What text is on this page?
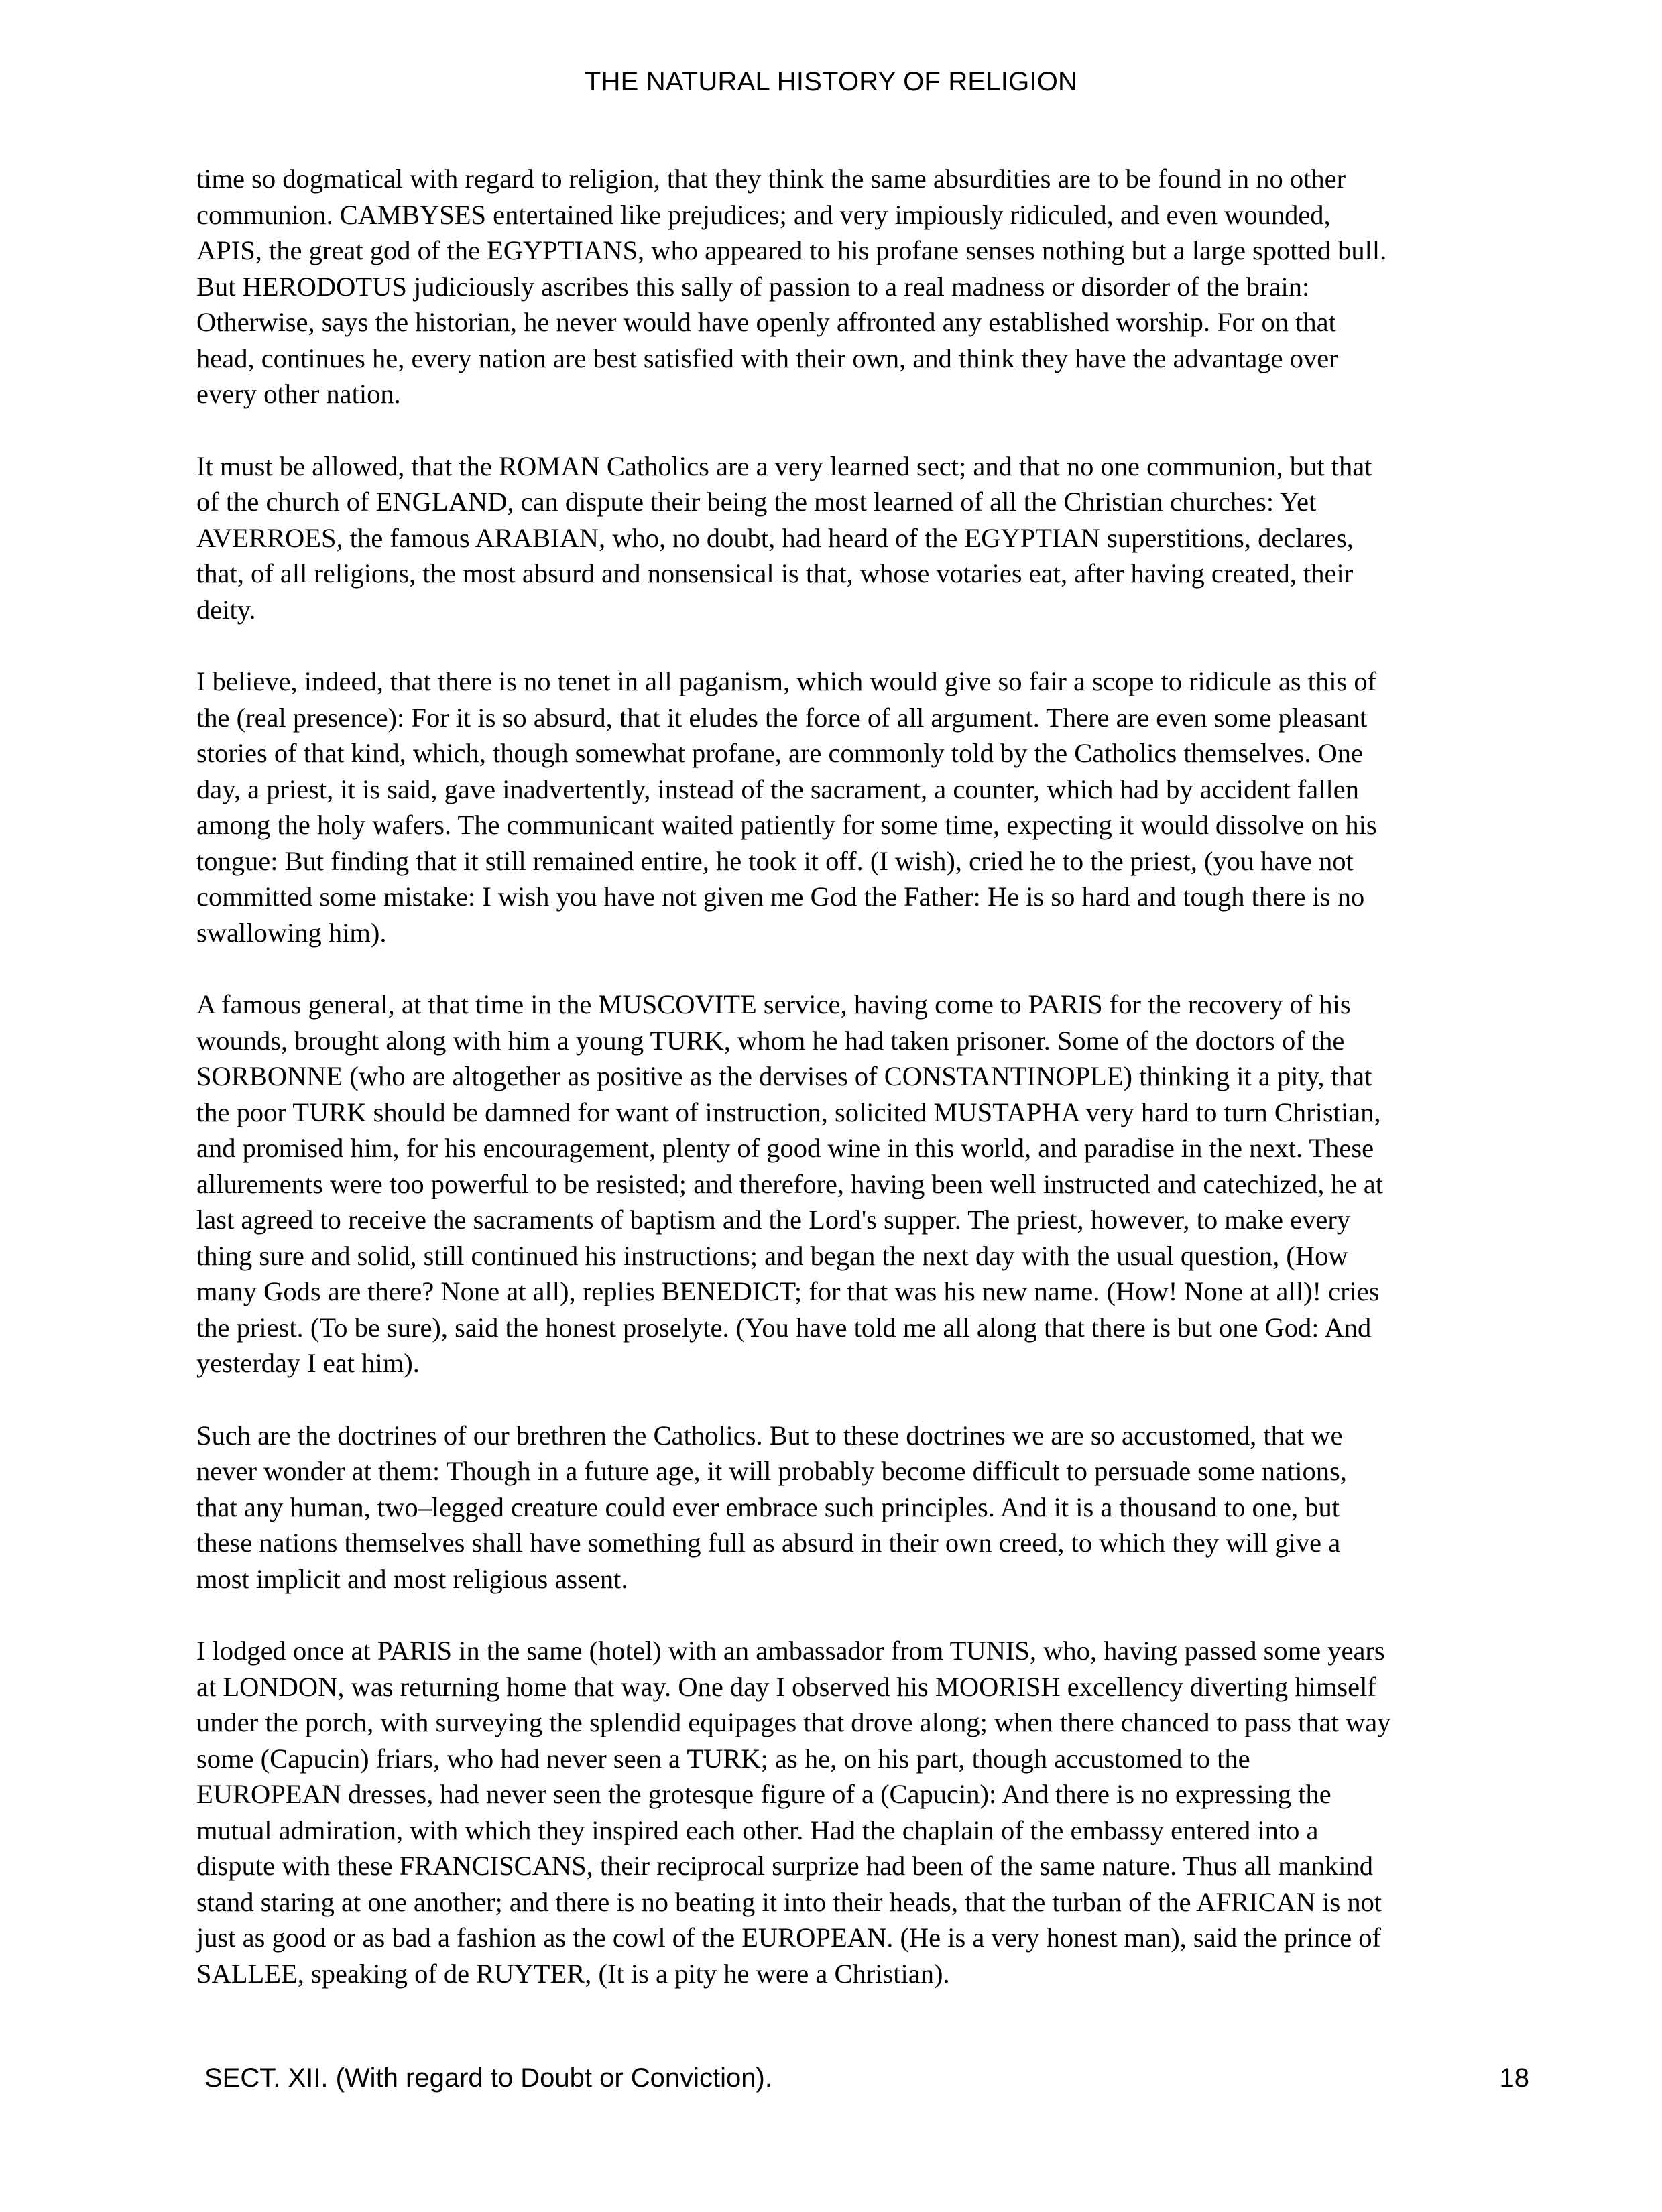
THE NATURAL HISTORY OF RELIGION

time so dogmatical with regard to religion, that they think the same absurdities are to be found in no other
communion. CAMBYSES entertained like prejudices; and very impiously ridiculed, and even wounded,
APIS, the great god of the EGYPTIANS, who appeared to his profane senses nothing but a large spotted bull.
But HERODOTUS judiciously ascribes this sally of passion to a real madness or disorder of the brain:
Otherwise, says the historian, he never would have openly affronted any established worship. For on that
head, continues he, every nation are best satisfied with their own, and think they have the advantage over
every other nation.

It must be allowed, that the ROMAN Catholics are a very learned sect; and that no one communion, but that
of the church of ENGLAND, can dispute their being the most learned of all the Christian churches: Yet
AVERROES, the famous ARABIAN, who, no doubt, had heard of the EGYPTIAN superstitions, declares,
that, of all religions, the most absurd and nonsensical is that, whose votaries eat, after having created, their
deity.

I believe, indeed, that there is no tenet in all paganism, which would give so fair a scope to ridicule as this of
the (real presence): For it is so absurd, that it eludes the force of all argument. There are even some pleasant
stories of that kind, which, though somewhat profane, are commonly told by the Catholics themselves. One
day, a priest, it is said, gave inadvertently, instead of the sacrament, a counter, which had by accident fallen
among the holy wafers. The communicant waited patiently for some time, expecting it would dissolve on his
tongue: But finding that it still remained entire, he took it off. (I wish), cried he to the priest, (you have not
committed some mistake: I wish you have not given me God the Father: He is so hard and tough there is no
swallowing him).

A famous general, at that time in the MUSCOVITE service, having come to PARIS for the recovery of his
wounds, brought along with him a young TURK, whom he had taken prisoner. Some of the doctors of the
SORBONNE (who are altogether as positive as the dervises of CONSTANTINOPLE) thinking it a pity, that
the poor TURK should be damned for want of instruction, solicited MUSTAPHA very hard to turn Christian,
and promised him, for his encouragement, plenty of good wine in this world, and paradise in the next. These
allurements were too powerful to be resisted; and therefore, having been well instructed and catechized, he at
last agreed to receive the sacraments of baptism and the Lord's supper. The priest, however, to make every
thing sure and solid, still continued his instructions; and began the next day with the usual question, (How
many Gods are there? None at all), replies BENEDICT; for that was his new name. (How! None at all)! cries
the priest. (To be sure), said the honest proselyte. (You have told me all along that there is but one God: And
yesterday I eat him).

Such are the doctrines of our brethren the Catholics. But to these doctrines we are so accustomed, that we
never wonder at them: Though in a future age, it will probably become difficult to persuade some nations,
that any human, two–legged creature could ever embrace such principles. And it is a thousand to one, but
these nations themselves shall have something full as absurd in their own creed, to which they will give a
most implicit and most religious assent.

I lodged once at PARIS in the same (hotel) with an ambassador from TUNIS, who, having passed some years
at LONDON, was returning home that way. One day I observed his MOORISH excellency diverting himself
under the porch, with surveying the splendid equipages that drove along; when there chanced to pass that way
some (Capucin) friars, who had never seen a TURK; as he, on his part, though accustomed to the
EUROPEAN dresses, had never seen the grotesque figure of a (Capucin): And there is no expressing the
mutual admiration, with which they inspired each other. Had the chaplain of the embassy entered into a
dispute with these FRANCISCANS, their reciprocal surprize had been of the same nature. Thus all mankind
stand staring at one another; and there is no beating it into their heads, that the turban of the AFRICAN is not
just as good or as bad a fashion as the cowl of the EUROPEAN. (He is a very honest man), said the prince of
SALLEE, speaking of de RUYTER, (It is a pity he were a Christian).

SECT. XII. (With regard to Doubt or Conviction).	18
